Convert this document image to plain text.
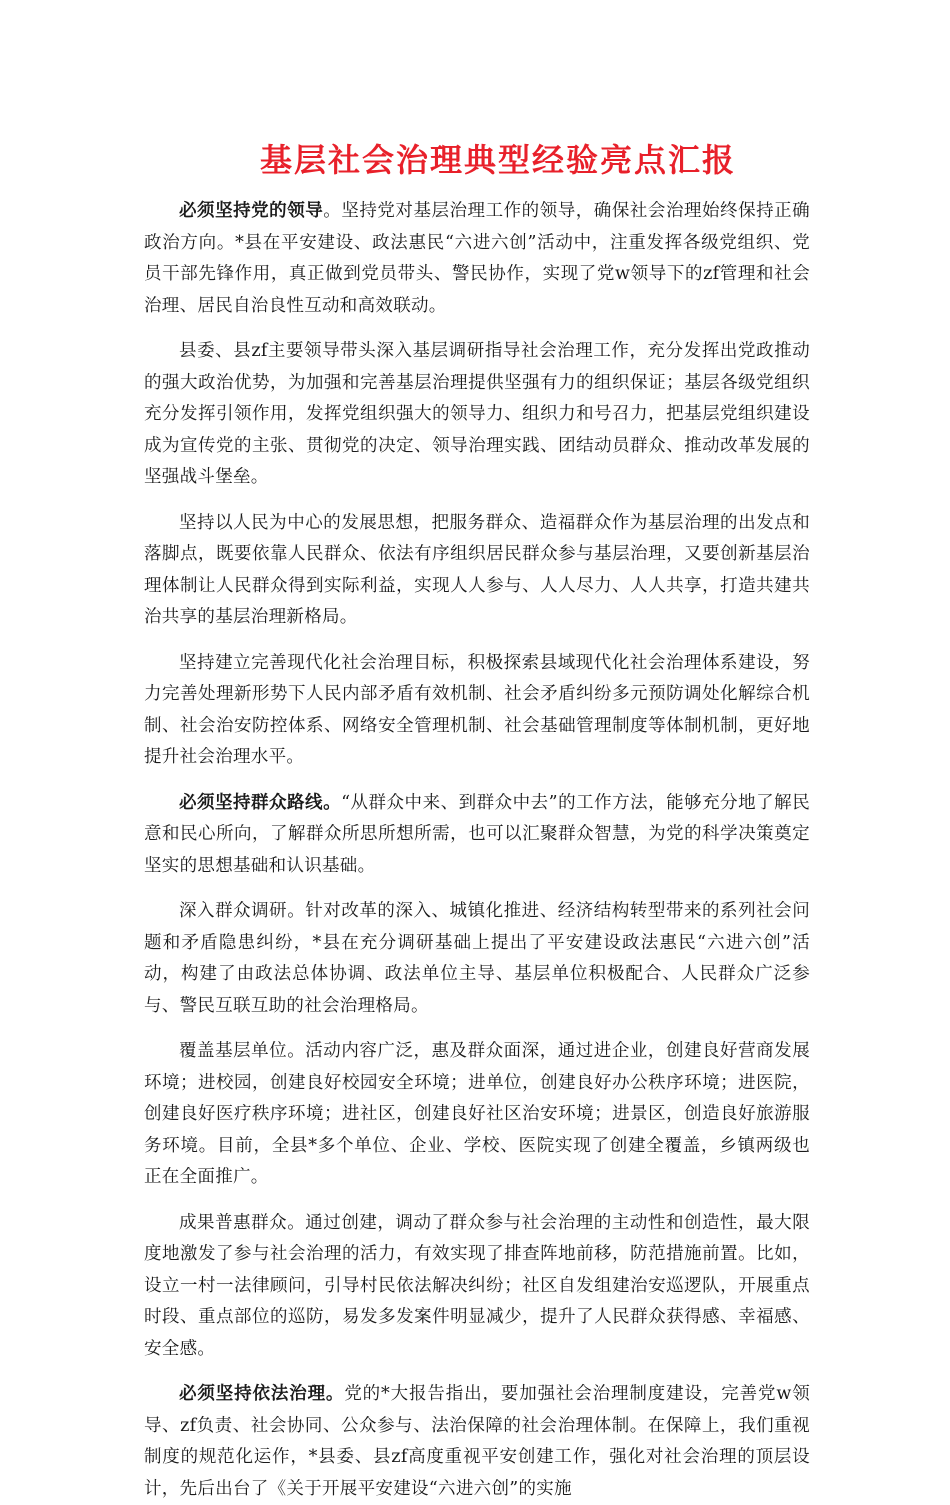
基层社会治理典型经验亮点汇报

必须坚持党的领导。坚持党对基层治理工作的领导，确保社会治理始终保持正确政治方向。*县在平安建设、政法惠民“六进六创”活动中，注重发挥各级党组织、党员干部先锋作用，真正做到党员带头、警民协作，实现了党w领导下的zf管理和社会治理、居民自治良性互动和高效联动。

县委、县zf主要领导带头深入基层调研指导社会治理工作，充分发挥出党政推动的强大政治优势，为加强和完善基层治理提供坚强有力的组织保证；基层各级党组织充分发挥引领作用，发挥党组织强大的领导力、组织力和号召力，把基层党组织建设成为宣传党的主张、贯彻党的决定、领导治理实践、团结动员群众、推动改革发展的坚强战斗堡垒。

坚持以人民为中心的发展思想，把服务群众、造福群众作为基层治理的出发点和落脚点，既要依靠人民群众、依法有序组织居民群众参与基层治理，又要创新基层治理体制让人民群众得到实际利益，实现人人参与、人人尽力、人人共享，打造共建共治共享的基层治理新格局。

坚持建立完善现代化社会治理目标，积极探索县域现代化社会治理体系建设，努力完善处理新形势下人民内部矛盾有效机制、社会矛盾纠纷多元预防调处化解综合机制、社会治安防控体系、网络安全管理机制、社会基础管理制度等体制机制，更好地提升社会治理水平。

必须坚持群众路线。“从群众中来、到群众中去”的工作方法，能够充分地了解民意和民心所向，了解群众所思所想所需，也可以汇聚群众智慧，为党的科学决策奠定坚实的思想基础和认识基础。

深入群众调研。针对改革的深入、城镇化推进、经济结构转型带来的系列社会问题和矛盾隐患纠纷，*县在充分调研基础上提出了平安建设政法惠民“六进六创”活动，构建了由政法总体协调、政法单位主导、基层单位积极配合、人民群众广泛参与、警民互联互助的社会治理格局。

覆盖基层单位。活动内容广泛，惠及群众面深，通过进企业，创建良好营商发展环境；进校园，创建良好校园安全环境；进单位，创建良好办公秩序环境；进医院，创建良好医疗秩序环境；进社区，创建良好社区治安环境；进景区，创造良好旅游服务环境。目前，全县*多个单位、企业、学校、医院实现了创建全覆盖，乡镇两级也正在全面推广。

成果普惠群众。通过创建，调动了群众参与社会治理的主动性和创造性，最大限度地激发了参与社会治理的活力，有效实现了排查阵地前移，防范措施前置。比如，设立一村一法律顾问，引导村民依法解决纠纷；社区自发组建治安巡逻队，开展重点时段、重点部位的巡防，易发多发案件明显减少，提升了人民群众获得感、幸福感、安全感。

必须坚持依法治理。党的*大报告指出，要加强社会治理制度建设，完善党w领导、zf负责、社会协同、公众参与、法治保障的社会治理体制。在保障上，我们重视制度的规范化运作，*县委、县zf高度重视平安创建工作，强化对社会治理的顶层设计，先后出台了《关于开展平安建设“六进六创”的实施
